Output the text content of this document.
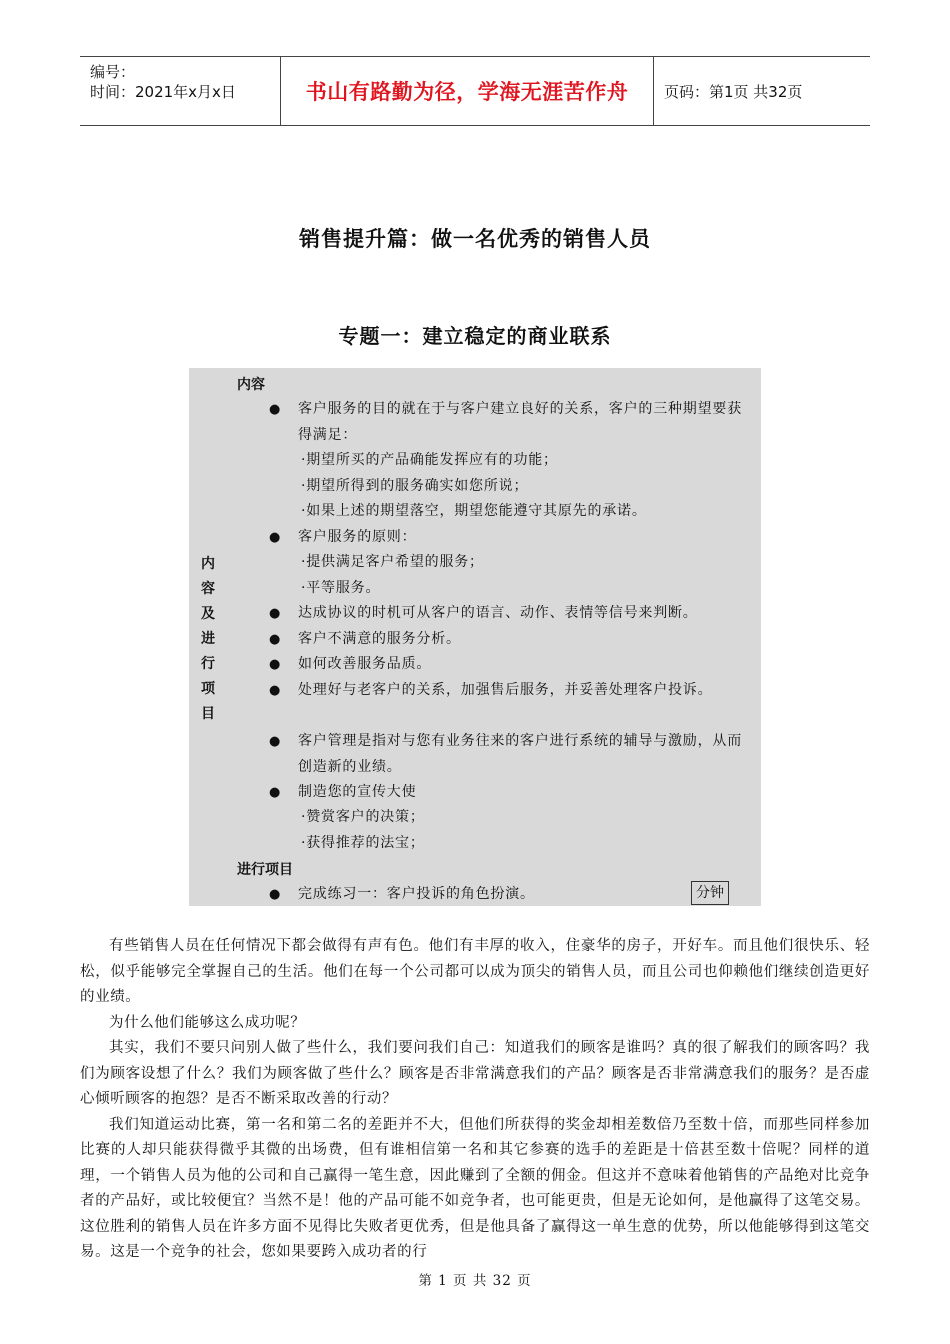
编号：
时间：2021年x月x日	书山有路勤为径，学海无涯苦作舟 页码：第1页 共32页
销售提升篇：做一名优秀的销售人员
专题一：建立稳定的商业联系
内
容
及
进
行
项
目
内容
● 客户服务的目的就在于与客户建立良好的关系，客户的三种期望要获得满足：
·期望所买的产品确能发挥应有的功能；
·期望所得到的服务确实如您所说；
·如果上述的期望落空，期望您能遵守其原先的承诺。
● 客户服务的原则：
·提供满足客户希望的服务；
·平等服务。
● 达成协议的时机可从客户的语言、动作、表情等信号来判断。
● 客户不满意的服务分析。
● 如何改善服务品质。
● 处理好与老客户的关系，加强售后服务，并妥善处理客户投诉。
● 客户管理是指对与您有业务往来的客户进行系统的辅导与激励，从而创造新的业绩。
● 制造您的宣传大使
·赞赏客户的决策；
·获得推荐的法宝；
进行项目
● 完成练习一：客户投诉的角色扮演。	分钟

有些销售人员在任何情况下都会做得有声有色。他们有丰厚的收入，住豪华的房子，开好车。而且他们很快乐、轻松，似乎能够完全掌握自己的生活。他们在每一个公司都可以成为顶尖的销售人员，而且公司也仰赖他们继续创造更好的业绩。

为什么他们能够这么成功呢？

其实，我们不要只问别人做了些什么，我们要问我们自己：知道我们的顾客是谁吗？真的很了解我们的顾客吗？我们为顾客设想了什么？我们为顾客做了些什么？顾客是否非常满意我们的产品？顾客是否非常满意我们的服务？是否虚心倾听顾客的抱怨？是否不断采取改善的行动？

我们知道运动比赛，第一名和第二名的差距并不大，但他们所获得的奖金却相差数倍乃至数十倍，而那些同样参加比赛的人却只能获得微乎其微的出场费，但有谁相信第一名和其它参赛的选手的差距是十倍甚至数十倍呢？同样的道理，一个销售人员为他的公司和自己赢得一笔生意，因此赚到了全额的佣金。但这并不意味着他销售的产品绝对比竞争者的产品好，或比较便宜？当然不是！他的产品可能不如竞争者，也可能更贵，但是无论如何，是他赢得了这笔交易。这位胜利的销售人员在许多方面不见得比失败者更优秀，但是他具备了赢得这一单生意的优势，所以他能够得到这笔交易。这是一个竞争的社会，您如果要跨入成功者的行

第 1 页 共 32 页
